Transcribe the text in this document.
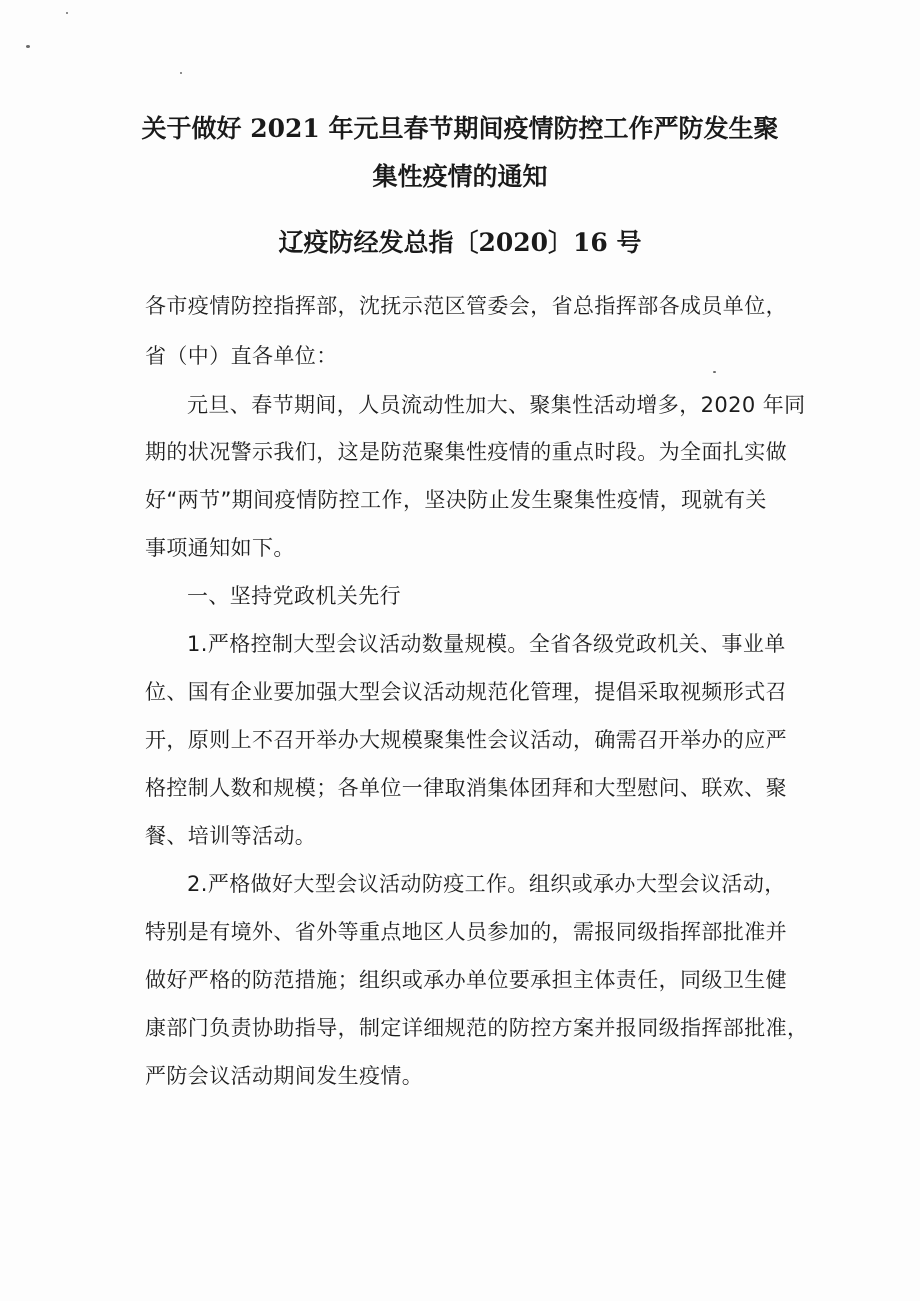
关于做好 2021 年元旦春节期间疫情防控工作严防发生聚
集性疫情的通知
辽疫防经发总指〔2020〕16 号

各市疫情防控指挥部，沈抚示范区管委会，省总指挥部各成员单位，

省（中）直各单位：

元旦、春节期间，人员流动性加大、聚集性活动增多，2020 年同

期的状况警示我们，这是防范聚集性疫情的重点时段。为全面扎实做

好“两节”期间疫情防控工作，坚决防止发生聚集性疫情，现就有关

事项通知如下。

一、坚持党政机关先行

1.严格控制大型会议活动数量规模。全省各级党政机关、事业单

位、国有企业要加强大型会议活动规范化管理，提倡采取视频形式召

开，原则上不召开举办大规模聚集性会议活动，确需召开举办的应严

格控制人数和规模；各单位一律取消集体团拜和大型慰问、联欢、聚

餐、培训等活动。

2.严格做好大型会议活动防疫工作。组织或承办大型会议活动，

特别是有境外、省外等重点地区人员参加的，需报同级指挥部批准并

做好严格的防范措施；组织或承办单位要承担主体责任，同级卫生健

康部门负责协助指导，制定详细规范的防控方案并报同级指挥部批准，

严防会议活动期间发生疫情。
